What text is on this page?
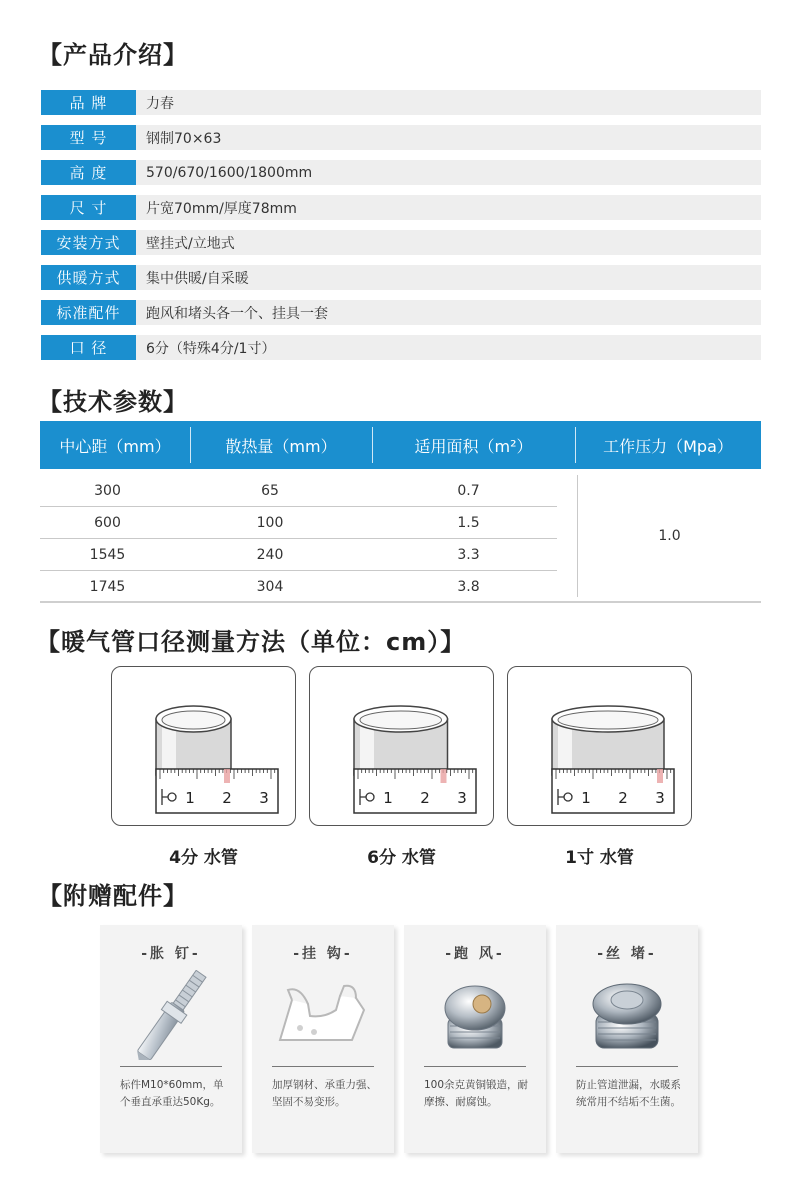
【产品介绍】
品 牌	力春
型 号	钢制70×63
高 度	570/670/1600/1800mm
尺 寸	片宽70mm/厚度78mm
安装方式	壁挂式/立地式
供暖方式	集中供暖/自采暖
标准配件	跑风和堵头各一个、挂具一套
口 径	6分（特殊4分/1寸）
【技术参数】
中心距（mm）	散热量（mm）	适用面积（m²）	工作压力（Mpa）
300	65	0.7
600	100	1.5
1545	240	3.3
1745	304	3.8
1.0
【暖气管口径测量方法（单位：cm）】
1 2 3
4分 水管
1 2 3
6分 水管
1 2 3
1寸 水管
【附赠配件】
-胀 钉-
标件M10*60mm，单个垂直承重达50Kg。
-挂 钩-
加厚钢材、承重力强、坚固不易变形。
-跑 风-
100余克黄铜锻造，耐摩擦、耐腐蚀。
-丝 堵-
防止管道泄漏，水暖系统常用不结垢不生菌。
